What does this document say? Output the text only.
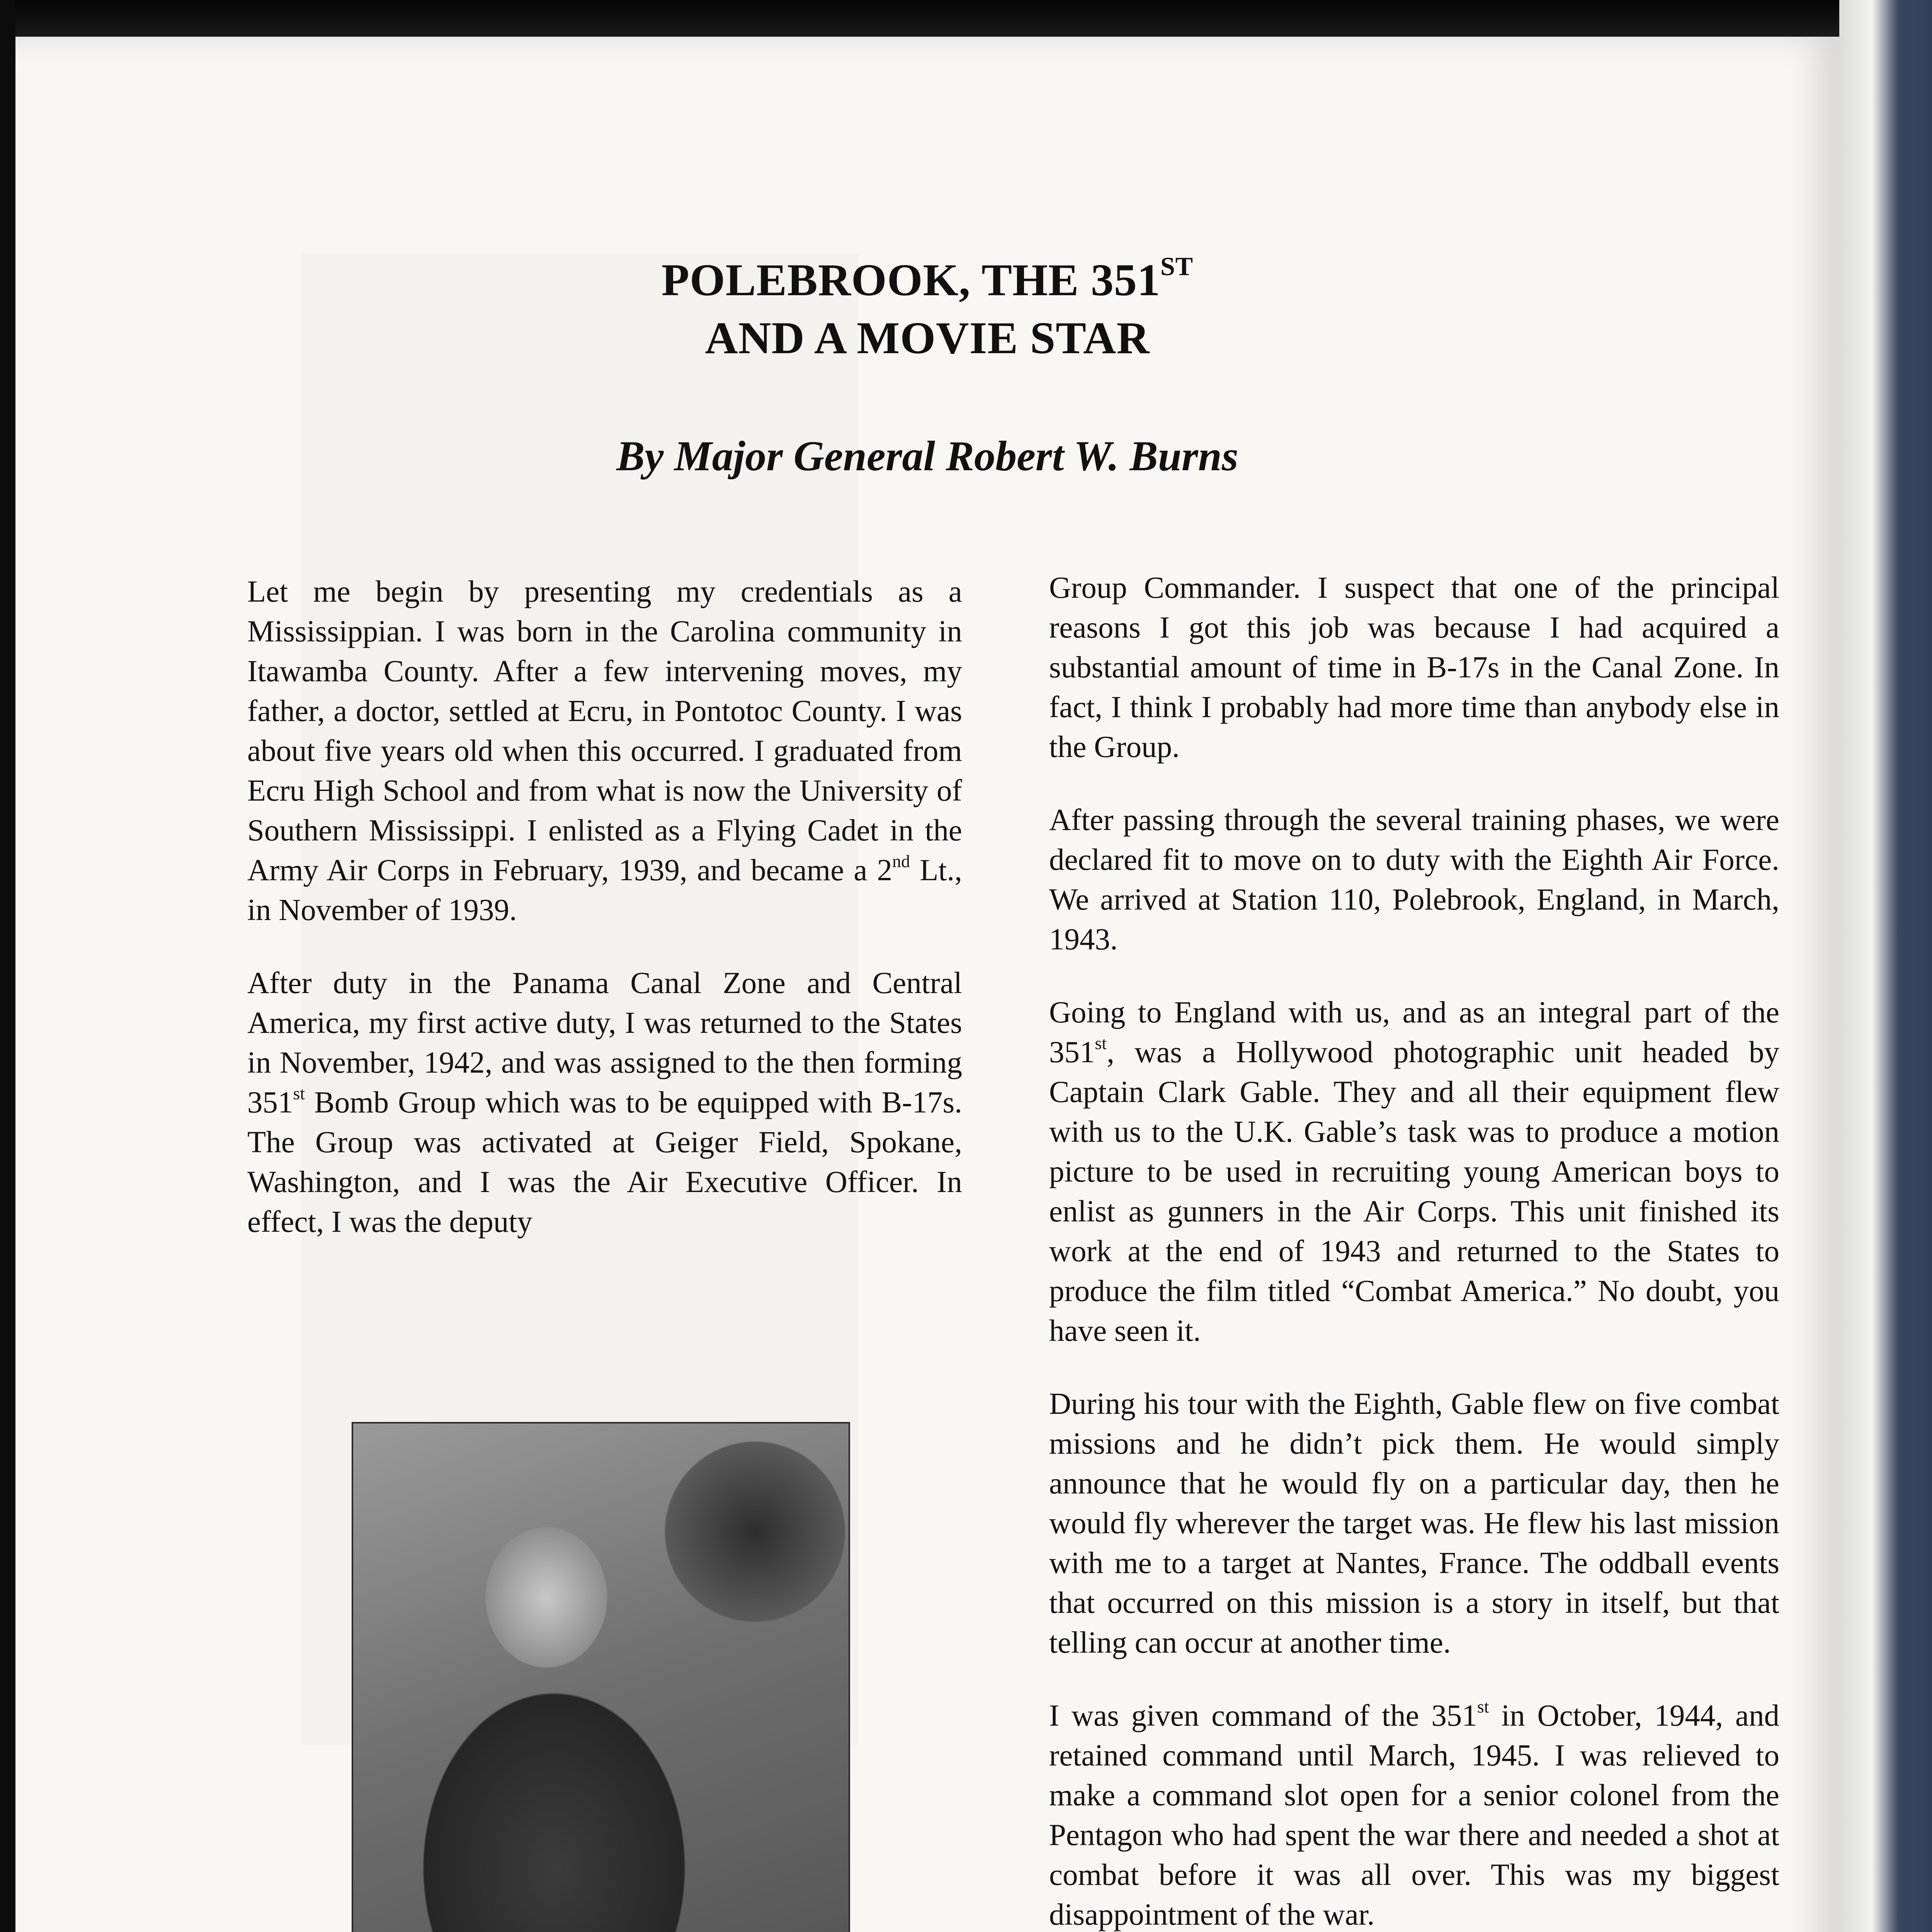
POLEBROOK, THE 351ST
AND A MOVIE STAR
By Major General Robert W. Burns

Let me begin by presenting my credentials as a Mississippian. I was born in the Carolina community in Itawamba County. After a few intervening moves, my father, a doctor, settled at Ecru, in Pontotoc County. I was about five years old when this occurred. I graduated from Ecru High School and from what is now the University of Southern Mississippi. I enlisted as a Flying Cadet in the Army Air Corps in February, 1939, and became a 2nd Lt., in November of 1939.

After duty in the Panama Canal Zone and Central America, my first active duty, I was returned to the States in November, 1942, and was assigned to the then forming 351st Bomb Group which was to be equipped with B-17s. The Group was activated at Geiger Field, Spokane, Washington, and I was the Air Executive Officer. In effect, I was the deputy

Group Commander. I suspect that one of the principal reasons I got this job was because I had acquired a substantial amount of time in B-17s in the Canal Zone. In fact, I think I probably had more time than anybody else in the Group.

After passing through the several training phases, we were declared fit to move on to duty with the Eighth Air Force. We arrived at Station 110, Polebrook, England, in March, 1943.

Going to England with us, and as an integral part of the 351st, was a Hollywood photographic unit headed by Captain Clark Gable. They and all their equipment flew with us to the U.K. Gable’s task was to produce a motion picture to be used in recruiting young American boys to enlist as gunners in the Air Corps. This unit finished its work at the end of 1943 and returned to the States to produce the film titled “Combat America.” No doubt, you have seen it.

During his tour with the Eighth, Gable flew on five combat missions and he didn’t pick them. He would simply announce that he would fly on a particular day, then he would fly wherever the target was. He flew his last mission with me to a target at Nantes, France. The oddball events that occurred on this mission is a story in itself, but that telling can occur at another time.

I was given command of the 351st in October, 1944, and retained command until March, 1945. I was relieved to make a command slot open for a senior colonel from the Pentagon who had spent the war there and needed a shot at combat before it was all over. This was my biggest disappointment of the war.
